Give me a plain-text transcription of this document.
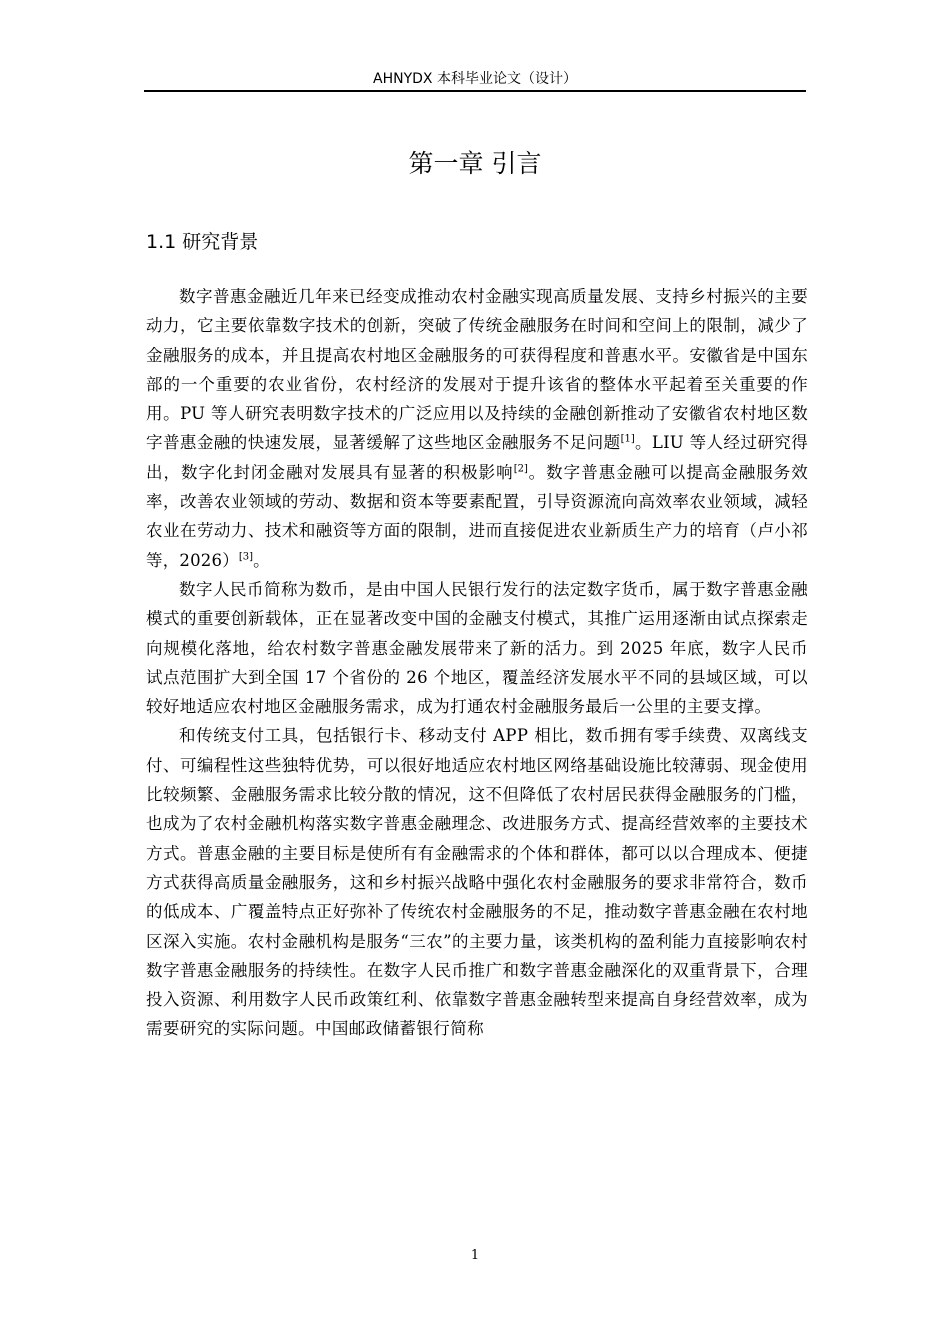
AHNYDX 本科毕业论文（设计）
第一章 引言
1.1 研究背景

数字普惠金融近几年来已经变成推动农村金融实现高质量发展、支持乡村振兴的主要动力，它主要依靠数字技术的创新，突破了传统金融服务在时间和空间上的限制，减少了金融服务的成本，并且提高农村地区金融服务的可获得程度和普惠水平。安徽省是中国东部的一个重要的农业省份，农村经济的发展对于提升该省的整体水平起着至关重要的作用。PU 等人研究表明数字技术的广泛应用以及持续的金融创新推动了安徽省农村地区数字普惠金融的快速发展，显著缓解了这些地区金融服务不足问题[1]。LIU 等人经过研究得出，数字化封闭金融对发展具有显著的积极影响[2]。数字普惠金融可以提高金融服务效率，改善农业领域的劳动、数据和资本等要素配置，引导资源流向高效率农业领域，减轻农业在劳动力、技术和融资等方面的限制，进而直接促进农业新质生产力的培育（卢小祁等，2026）[3]。

数字人民币简称为数币，是由中国人民银行发行的法定数字货币，属于数字普惠金融模式的重要创新载体，正在显著改变中国的金融支付模式，其推广运用逐渐由试点探索走向规模化落地，给农村数字普惠金融发展带来了新的活力。到 2025 年底，数字人民币试点范围扩大到全国 17 个省份的 26 个地区，覆盖经济发展水平不同的县域区域，可以较好地适应农村地区金融服务需求，成为打通农村金融服务最后一公里的主要支撑。

和传统支付工具，包括银行卡、移动支付 APP 相比，数币拥有零手续费、双离线支付、可编程性这些独特优势，可以很好地适应农村地区网络基础设施比较薄弱、现金使用比较频繁、金融服务需求比较分散的情况，这不但降低了农村居民获得金融服务的门槛，也成为了农村金融机构落实数字普惠金融理念、改进服务方式、提高经营效率的主要技术方式。普惠金融的主要目标是使所有有金融需求的个体和群体，都可以以合理成本、便捷方式获得高质量金融服务，这和乡村振兴战略中强化农村金融服务的要求非常符合，数币的低成本、广覆盖特点正好弥补了传统农村金融服务的不足，推动数字普惠金融在农村地区深入实施。农村金融机构是服务“三农”的主要力量，该类机构的盈利能力直接影响农村数字普惠金融服务的持续性。在数字人民币推广和数字普惠金融深化的双重背景下，合理投入资源、利用数字人民币政策红利、依靠数字普惠金融转型来提高自身经营效率，成为需要研究的实际问题。中国邮政储蓄银行简称

1
